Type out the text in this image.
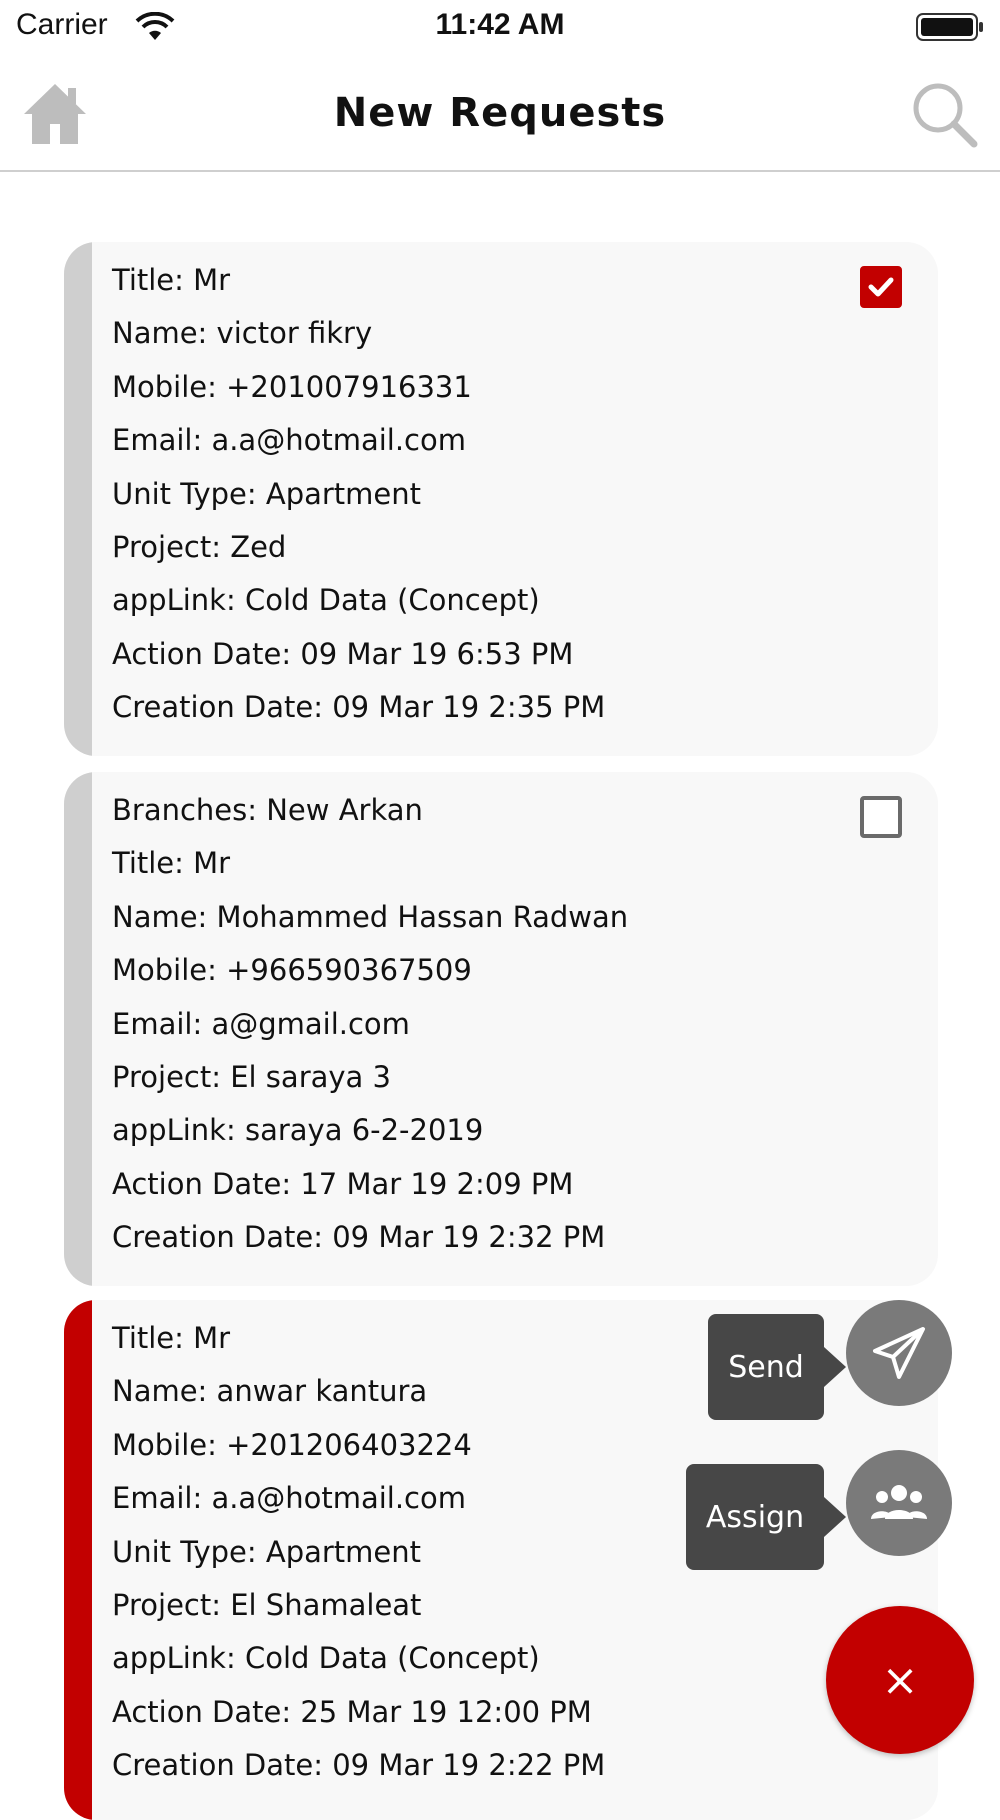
Carrier	11:42 AM
New Requests
Title: Mr
Name: victor fikry
Mobile: +201007916331
Email: a.a@hotmail.com
Unit Type: Apartment
Project: Zed
appLink: Cold Data (Concept)
Action Date: 09 Mar 19 6:53 PM
Creation Date: 09 Mar 19 2:35 PM
Branches: New Arkan
Title: Mr
Name: Mohammed Hassan Radwan
Mobile: +966590367509
Email: a@gmail.com
Project: El saraya 3
appLink: saraya 6-2-2019
Action Date: 17 Mar 19 2:09 PM
Creation Date: 09 Mar 19 2:32 PM
Title: Mr
Name: anwar kantura
Mobile: +201206403224
Email: a.a@hotmail.com
Unit Type: Apartment
Project: El Shamaleat
appLink: Cold Data (Concept)
Action Date: 25 Mar 19 12:00 PM
Creation Date: 09 Mar 19 2:22 PM
Send
Assign
×
